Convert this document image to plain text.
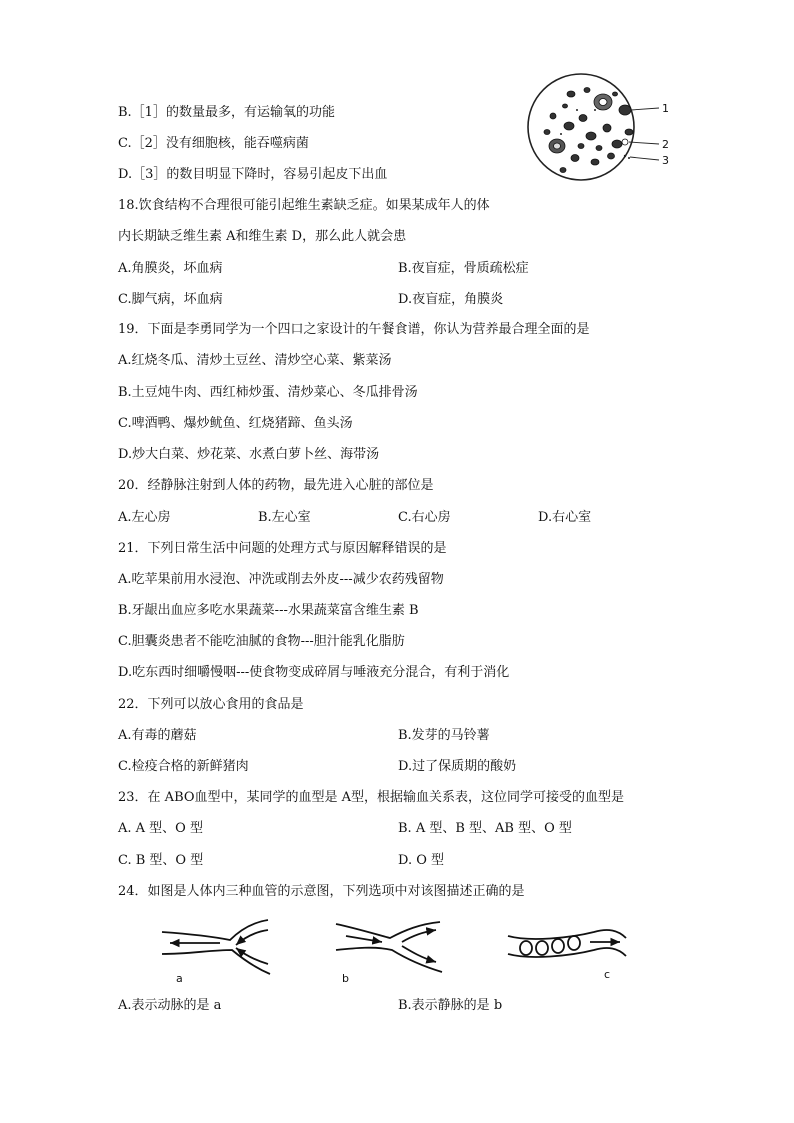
B.［1］的数量最多，有运输氧的功能
C.［2］没有细胞核，能吞噬病菌
D.［3］的数目明显下降时，容易引起皮下出血
1
2
3
18.饮食结构不合理很可能引起维生素缺乏症。如果某成年人的体
内长期缺乏维生素 A和维生素 D，那么此人就会患
A.角膜炎，坏血病	B.夜盲症，骨质疏松症
C.脚气病，坏血病	D.夜盲症，角膜炎
19．下面是李勇同学为一个四口之家设计的午餐食谱，你认为营养最合理全面的是
A.红烧冬瓜、清炒土豆丝、清炒空心菜、紫菜汤
B.土豆炖牛肉、西红柿炒蛋、清炒菜心、冬瓜排骨汤
C.啤酒鸭、爆炒鱿鱼、红烧猪蹄、鱼头汤
D.炒大白菜、炒花菜、水煮白萝卜丝、海带汤
20．经静脉注射到人体的药物，最先进入心脏的部位是
A.左心房	B.左心室	C.右心房	D.右心室
21．下列日常生活中问题的处理方式与原因解释错误的是
A.吃苹果前用水浸泡、冲洗或削去外皮---减少农药残留物
B.牙龈出血应多吃水果蔬菜---水果蔬菜富含维生素 B
C.胆囊炎患者不能吃油腻的食物---胆汁能乳化脂肪
D.吃东西时细嚼慢咽---使食物变成碎屑与唾液充分混合，有利于消化
22．下列可以放心食用的食品是
A.有毒的蘑菇	B.发芽的马铃薯
C.检疫合格的新鲜猪肉	D.过了保质期的酸奶
23．在 ABO血型中，某同学的血型是 A型，根据输血关系表，这位同学可接受的血型是
A. A 型、O 型	B. A 型、B 型、AB 型、O 型
C. B 型、O 型	D. O 型
24．如图是人体内三种血管的示意图，下列选项中对该图描述正确的是
a	b	c
A.表示动脉的是 a	B.表示静脉的是 b
